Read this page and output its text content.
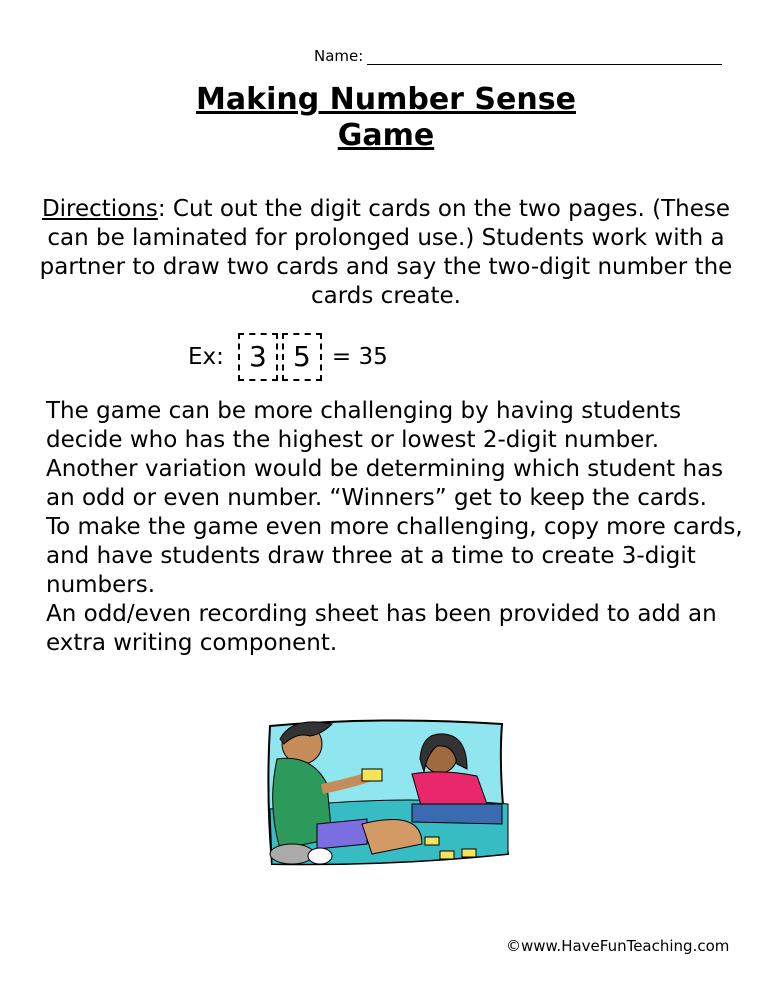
Name:
Making Number Sense
Game
Directions: Cut out the digit cards on the two pages. (These can be laminated for prolonged use.) Students work with a partner to draw two cards and say the two-digit number the cards create.
Ex: 3 5 = 35

The game can be more challenging by having students decide who has the highest or lowest 2-digit number. Another variation would be determining which student has an odd or even number. “Winners” get to keep the cards.

To make the game even more challenging, copy more cards, and have students draw three at a time to create 3-digit numbers.

An odd/even recording sheet has been provided to add an extra writing component.

©www.HaveFunTeaching.com
